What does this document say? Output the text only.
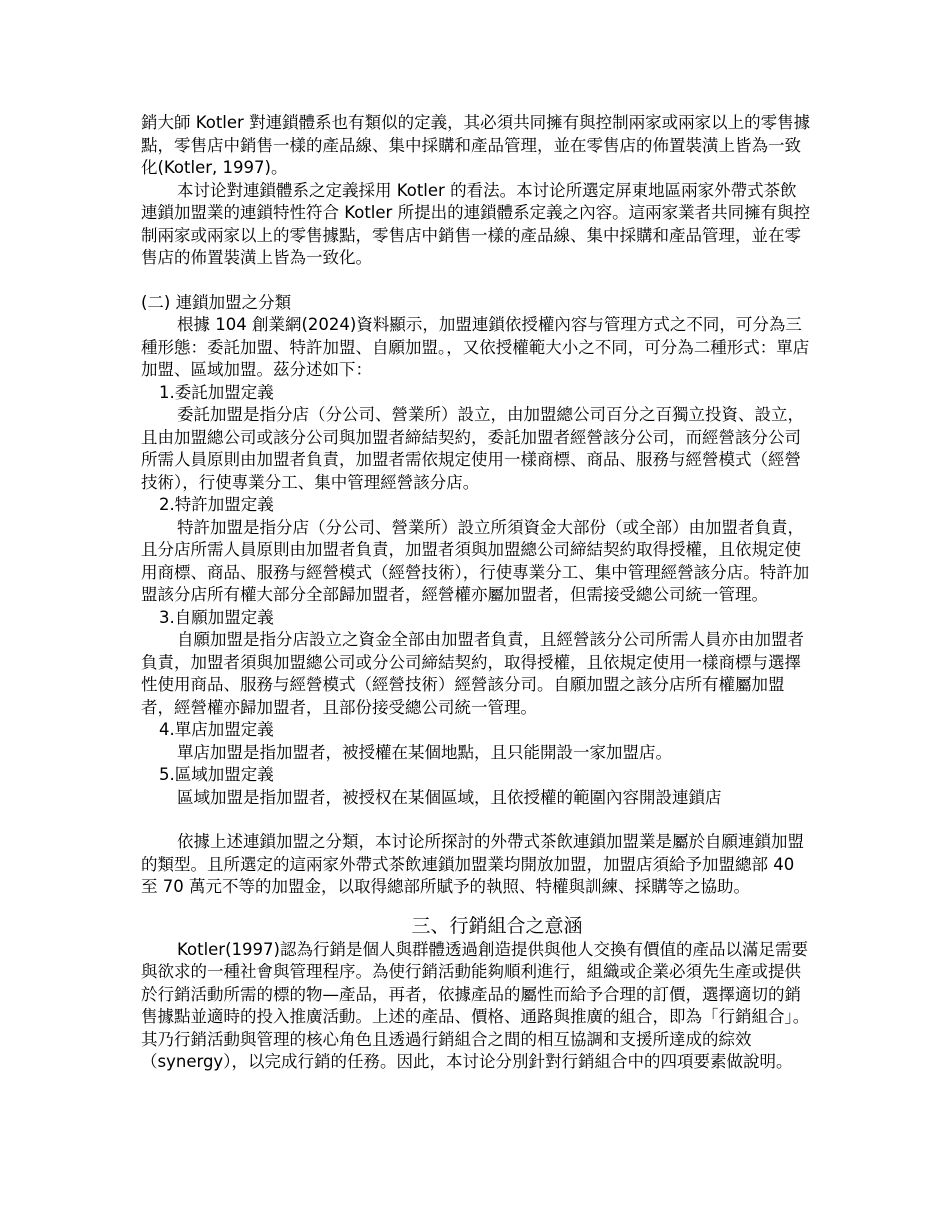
銷大師 Kotler 對連鎖體系也有類似的定義，其必須共同擁有與控制兩家或兩家以上的零售據點，零售店中銷售一樣的產品線、集中採購和產品管理，並在零售店的佈置裝潢上皆為一致化(Kotler, 1997)。

本讨论對連鎖體系之定義採用 Kotler 的看法。本讨论所選定屏東地區兩家外帶式茶飲連鎖加盟業的連鎖特性符合 Kotler 所提出的連鎖體系定義之內容。這兩家業者共同擁有與控制兩家或兩家以上的零售據點，零售店中銷售一樣的產品線、集中採購和產品管理，並在零售店的佈置裝潢上皆為一致化。

(二) 連鎖加盟之分類

根據 104 創業網(2024)資料顯示，加盟連鎖依授權內容与管理方式之不同，可分為三種形態：委託加盟、特許加盟、自願加盟。，又依授權範大小之不同，可分為二種形式：單店加盟、區域加盟。茲分述如下：

1.委託加盟定義

委託加盟是指分店（分公司、營業所）設立，由加盟總公司百分之百獨立投資、設立，且由加盟總公司或該分公司與加盟者締結契約，委託加盟者經營該分公司，而經營該分公司所需人員原則由加盟者負責，加盟者需依規定使用一樣商標、商品、服務与經營模式（經營技術），行使專業分工、集中管理經營該分店。

2.特許加盟定義

特許加盟是指分店（分公司、營業所）設立所須資金大部份（或全部）由加盟者負責，且分店所需人員原則由加盟者負責，加盟者須與加盟總公司締結契約取得授權，且依規定使用商標、商品、服務与經營模式（經營技術），行使專業分工、集中管理經營該分店。特許加盟該分店所有權大部分全部歸加盟者，經營權亦屬加盟者，但需接受總公司統一管理。

3.自願加盟定義

自願加盟是指分店設立之資金全部由加盟者負責，且經營該分公司所需人員亦由加盟者負責，加盟者須與加盟總公司或分公司締結契約，取得授權，且依規定使用一樣商標与選擇性使用商品、服務与經營模式（經營技術）經營該分司。自願加盟之該分店所有權屬加盟者，經營權亦歸加盟者，且部份接受總公司統一管理。

4.單店加盟定義

單店加盟是指加盟者，被授權在某個地點，且只能開設一家加盟店。

5.區域加盟定義

區域加盟是指加盟者，被授权在某個區域，且依授權的範圍內容開設連鎖店

依據上述連鎖加盟之分類，本讨论所探討的外帶式茶飲連鎖加盟業是屬於自願連鎖加盟的類型。且所選定的這兩家外帶式茶飲連鎖加盟業均開放加盟，加盟店須給予加盟總部 40 至 70 萬元不等的加盟金，以取得總部所賦予的執照、特權與訓練、採購等之協助。

三、行銷組合之意涵

Kotler(1997)認為行銷是個人與群體透過創造提供與他人交換有價值的產品以滿足需要與欲求的一種社會與管理程序。為使行銷活動能夠順利進行，組織或企業必須先生產或提供於行銷活動所需的標的物—產品，再者，依據產品的屬性而給予合理的訂價，選擇適切的銷售據點並適時的投入推廣活動。上述的產品、價格、通路與推廣的組合，即為「行銷組合」。其乃行銷活動與管理的核心角色且透過行銷組合之間的相互協調和支援所達成的綜效（synergy），以完成行銷的任務。因此，本讨论分別針對行銷組合中的四項要素做說明。
